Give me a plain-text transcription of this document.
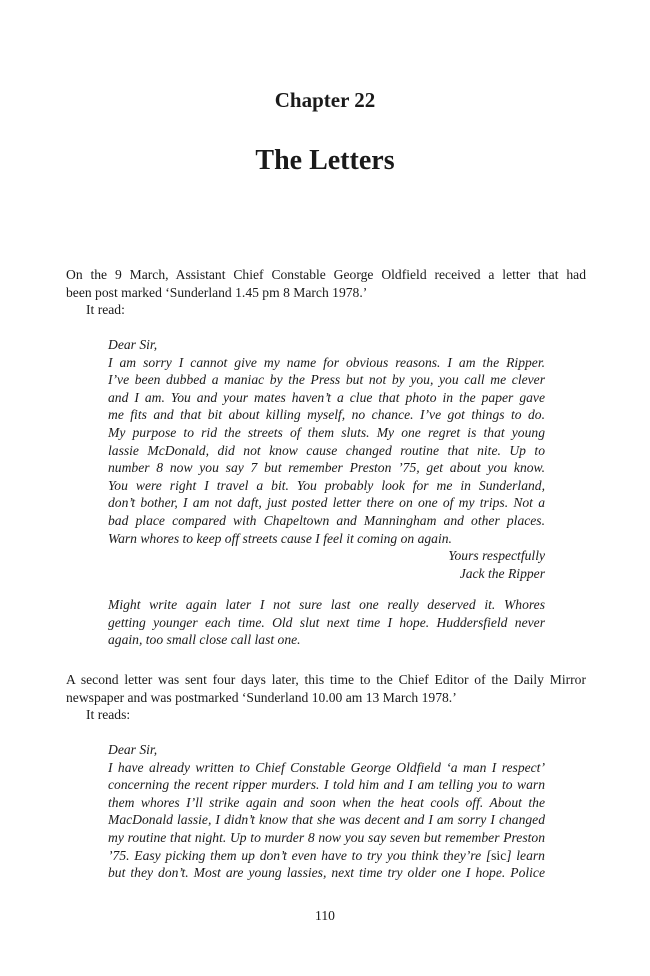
Chapter 22
The Letters
On the 9 March, Assistant Chief Constable George Oldfield received a letter that had
been post marked ‘Sunderland 1.45 pm 8 March 1978.’
It read:
Dear Sir,
I am sorry I cannot give my name for obvious reasons. I am the Ripper.
I’ve been dubbed a maniac by the Press but not by you, you call me clever
and I am. You and your mates haven’t a clue that photo in the paper gave
me fits and that bit about killing myself, no chance. I’ve got things to do.
My purpose to rid the streets of them sluts. My one regret is that young
lassie McDonald, did not know cause changed routine that nite. Up to
number 8 now you say 7 but remember Preston ’75, get about you know.
You were right I travel a bit. You probably look for me in Sunderland,
don’t bother, I am not daft, just posted letter there on one of my trips. Not a
bad place compared with Chapeltown and Manningham and other places.
Warn whores to keep off streets cause I feel it coming on again.
Yours respectfully
Jack the Ripper
Might write again later I not sure last one really deserved it. Whores
getting younger each time. Old slut next time I hope. Huddersfield never
again, too small close call last one.
A second letter was sent four days later, this time to the Chief Editor of the Daily Mirror
newspaper and was postmarked ‘Sunderland 10.00 am 13 March 1978.’
It reads:
Dear Sir,
I have already written to Chief Constable George Oldfield ‘a man I respect’
concerning the recent ripper murders. I told him and I am telling you to warn
them whores I’ll strike again and soon when the heat cools off. About the
MacDonald lassie, I didn’t know that she was decent and I am sorry I changed
my routine that night. Up to murder 8 now you say seven but remember Preston
’75. Easy picking them up don’t even have to try you think they’re [sic] learn
but they don’t. Most are young lassies, next time try older one I hope. Police
110
